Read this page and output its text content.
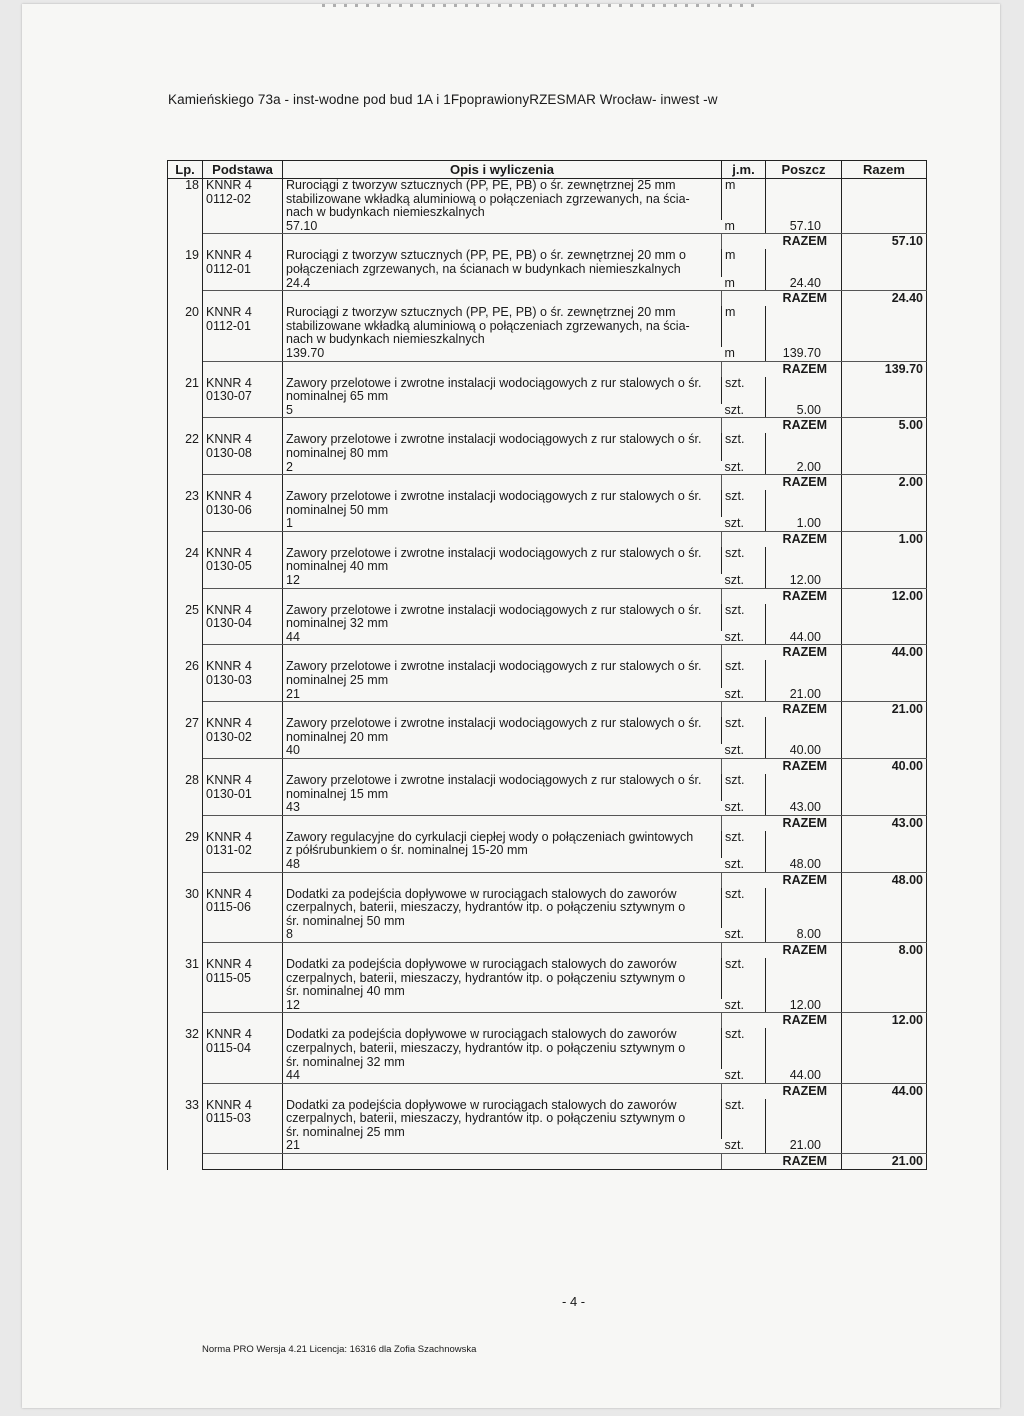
Kamieńskiego 73a - inst-wodne pod bud 1A i 1FpoprawionyRZESMAR Wrocław- inwest -w
Lp.	Podstawa	Opis i wyliczenia	j.m.	Poszcz	Razem
18	KNNR 4	Rurociągi z tworzyw sztucznych (PP, PE, PB) o śr. zewnętrznej 25 mm	m		
	0112-02	stabilizowane wkładką aluminiową o połączeniach zgrzewanych, na ścia-			
		nach w budynkach niemieszkalnych			
		57.10	m	57.10	
			RAZEM		57.10
19	KNNR 4	Rurociągi z tworzyw sztucznych (PP, PE, PB) o śr. zewnętrznej 20 mm o	m		
	0112-01	połączeniach zgrzewanych, na ścianach w budynkach niemieszkalnych			
		24.4	m	24.40	
			RAZEM		24.40
20	KNNR 4	Rurociągi z tworzyw sztucznych (PP, PE, PB) o śr. zewnętrznej 20 mm	m		
	0112-01	stabilizowane wkładką aluminiową o połączeniach zgrzewanych, na ścia-			
		nach w budynkach niemieszkalnych			
		139.70	m	139.70	
			RAZEM		139.70
21	KNNR 4	Zawory przelotowe i zwrotne instalacji wodociągowych z rur stalowych o śr.	szt.		
	0130-07	nominalnej 65 mm			
		5	szt.	5.00	
			RAZEM		5.00
22	KNNR 4	Zawory przelotowe i zwrotne instalacji wodociągowych z rur stalowych o śr.	szt.		
	0130-08	nominalnej 80 mm			
		2	szt.	2.00	
			RAZEM		2.00
23	KNNR 4	Zawory przelotowe i zwrotne instalacji wodociągowych z rur stalowych o śr.	szt.		
	0130-06	nominalnej 50 mm			
		1	szt.	1.00	
			RAZEM		1.00
24	KNNR 4	Zawory przelotowe i zwrotne instalacji wodociągowych z rur stalowych o śr.	szt.		
	0130-05	nominalnej 40 mm			
		12	szt.	12.00	
			RAZEM		12.00
25	KNNR 4	Zawory przelotowe i zwrotne instalacji wodociągowych z rur stalowych o śr.	szt.		
	0130-04	nominalnej 32 mm			
		44	szt.	44.00	
			RAZEM		44.00
26	KNNR 4	Zawory przelotowe i zwrotne instalacji wodociągowych z rur stalowych o śr.	szt.		
	0130-03	nominalnej 25 mm			
		21	szt.	21.00	
			RAZEM		21.00
27	KNNR 4	Zawory przelotowe i zwrotne instalacji wodociągowych z rur stalowych o śr.	szt.		
	0130-02	nominalnej 20 mm			
		40	szt.	40.00	
			RAZEM		40.00
28	KNNR 4	Zawory przelotowe i zwrotne instalacji wodociągowych z rur stalowych o śr.	szt.		
	0130-01	nominalnej 15 mm			
		43	szt.	43.00	
			RAZEM		43.00
29	KNNR 4	Zawory regulacyjne do cyrkulacji ciepłej wody o połączeniach gwintowych	szt.		
	0131-02	z półśrubunkiem o śr. nominalnej 15-20 mm			
		48	szt.	48.00	
			RAZEM		48.00
30	KNNR 4	Dodatki za podejścia dopływowe w rurociągach stalowych do zaworów	szt.		
	0115-06	czerpalnych, baterii, mieszaczy, hydrantów itp. o połączeniu sztywnym o			
		śr. nominalnej 50 mm			
		8	szt.	8.00	
			RAZEM		8.00
31	KNNR 4	Dodatki za podejścia dopływowe w rurociągach stalowych do zaworów	szt.		
	0115-05	czerpalnych, baterii, mieszaczy, hydrantów itp. o połączeniu sztywnym o			
		śr. nominalnej 40 mm			
		12	szt.	12.00	
			RAZEM		12.00
32	KNNR 4	Dodatki za podejścia dopływowe w rurociągach stalowych do zaworów	szt.		
	0115-04	czerpalnych, baterii, mieszaczy, hydrantów itp. o połączeniu sztywnym o			
		śr. nominalnej 32 mm			
		44	szt.	44.00	
			RAZEM		44.00
33	KNNR 4	Dodatki za podejścia dopływowe w rurociągach stalowych do zaworów	szt.		
	0115-03	czerpalnych, baterii, mieszaczy, hydrantów itp. o połączeniu sztywnym o			
		śr. nominalnej 25 mm			
		21	szt.	21.00	
			RAZEM		21.00
- 4 -
Norma PRO Wersja 4.21 Licencja: 16316 dla Zofia Szachnowska
